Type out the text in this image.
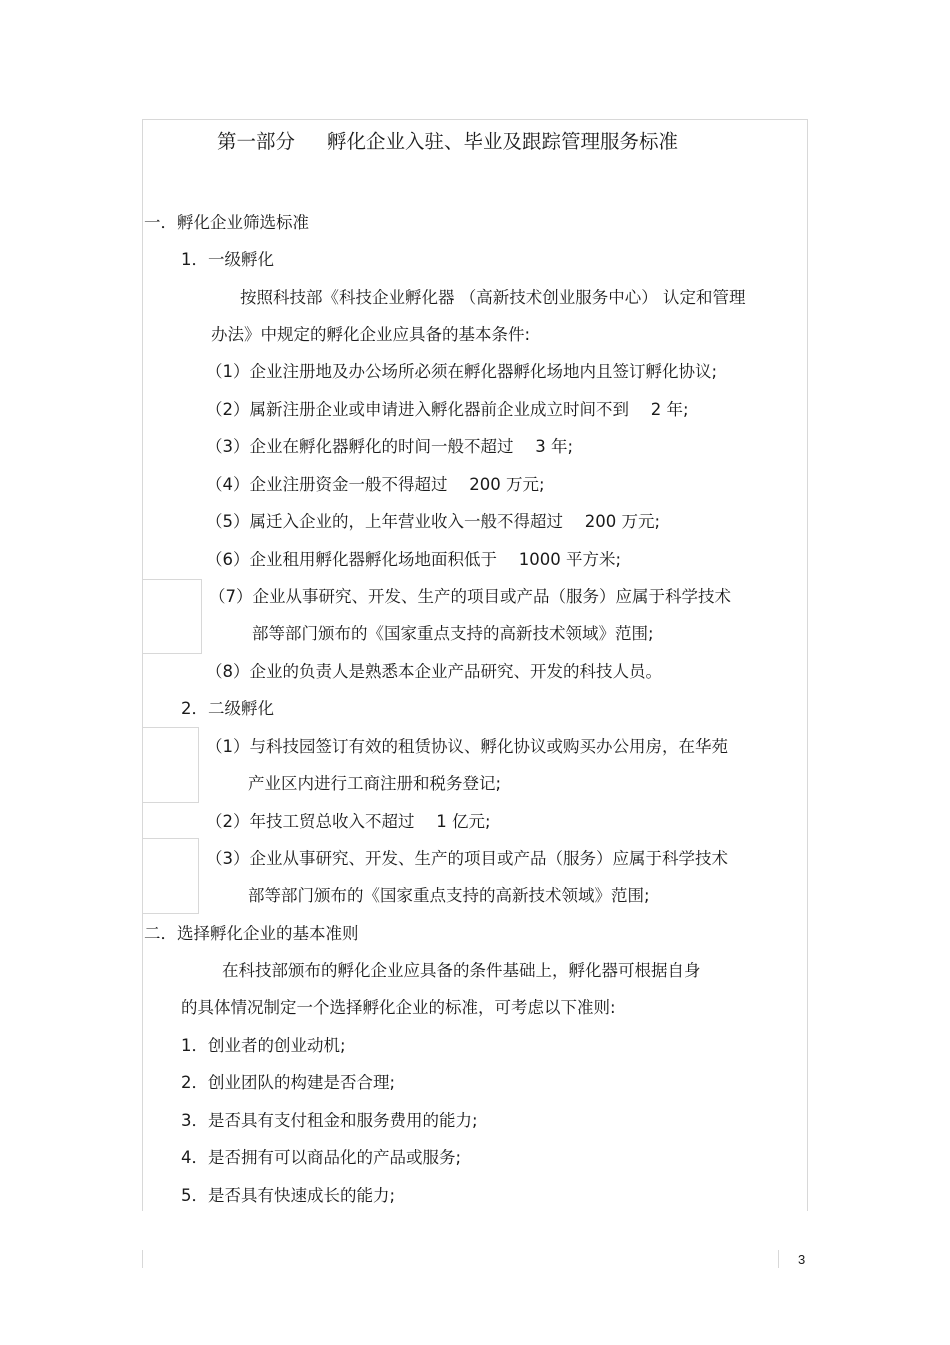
第一部分 孵化企业入驻、毕业及跟踪管理服务标准
一．孵化企业筛选标准
1．一级孵化
按照科技部《科技企业孵化器 （高新技术创业服务中心） 认定和管理
办法》中规定的孵化企业应具备的基本条件:
（1）企业注册地及办公场所必须在孵化器孵化场地内且签订孵化协议;
（2）属新注册企业或申请进入孵化器前企业成立时间不到 　2 年;
（3）企业在孵化器孵化的时间一般不超过 　3 年;
（4）企业注册资金一般不得超过 　200 万元;
（5）属迁入企业的，上年营业收入一般不得超过 　200 万元;
（6）企业租用孵化器孵化场地面积低于 　1000 平方米;
（7）企业从事研究、开发、生产的项目或产品（服务）应属于科学技术
部等部门颁布的《国家重点支持的高新技术领域》范围;
（8）企业的负责人是熟悉本企业产品研究、开发的科技人员。
2．二级孵化
（1）与科技园签订有效的租赁协议、孵化协议或购买办公用房，在华苑
产业区内进行工商注册和税务登记;
（2）年技工贸总收入不超过 　1 亿元;
（3）企业从事研究、开发、生产的项目或产品（服务）应属于科学技术
部等部门颁布的《国家重点支持的高新技术领域》范围;
二．选择孵化企业的基本准则
在科技部颁布的孵化企业应具备的条件基础上，孵化器可根据自身
的具体情况制定一个选择孵化企业的标准，可考虑以下准则:
1．创业者的创业动机;
2．创业团队的构建是否合理;
3．是否具有支付租金和服务费用的能力;
4．是否拥有可以商品化的产品或服务;
5．是否具有快速成长的能力;
3
